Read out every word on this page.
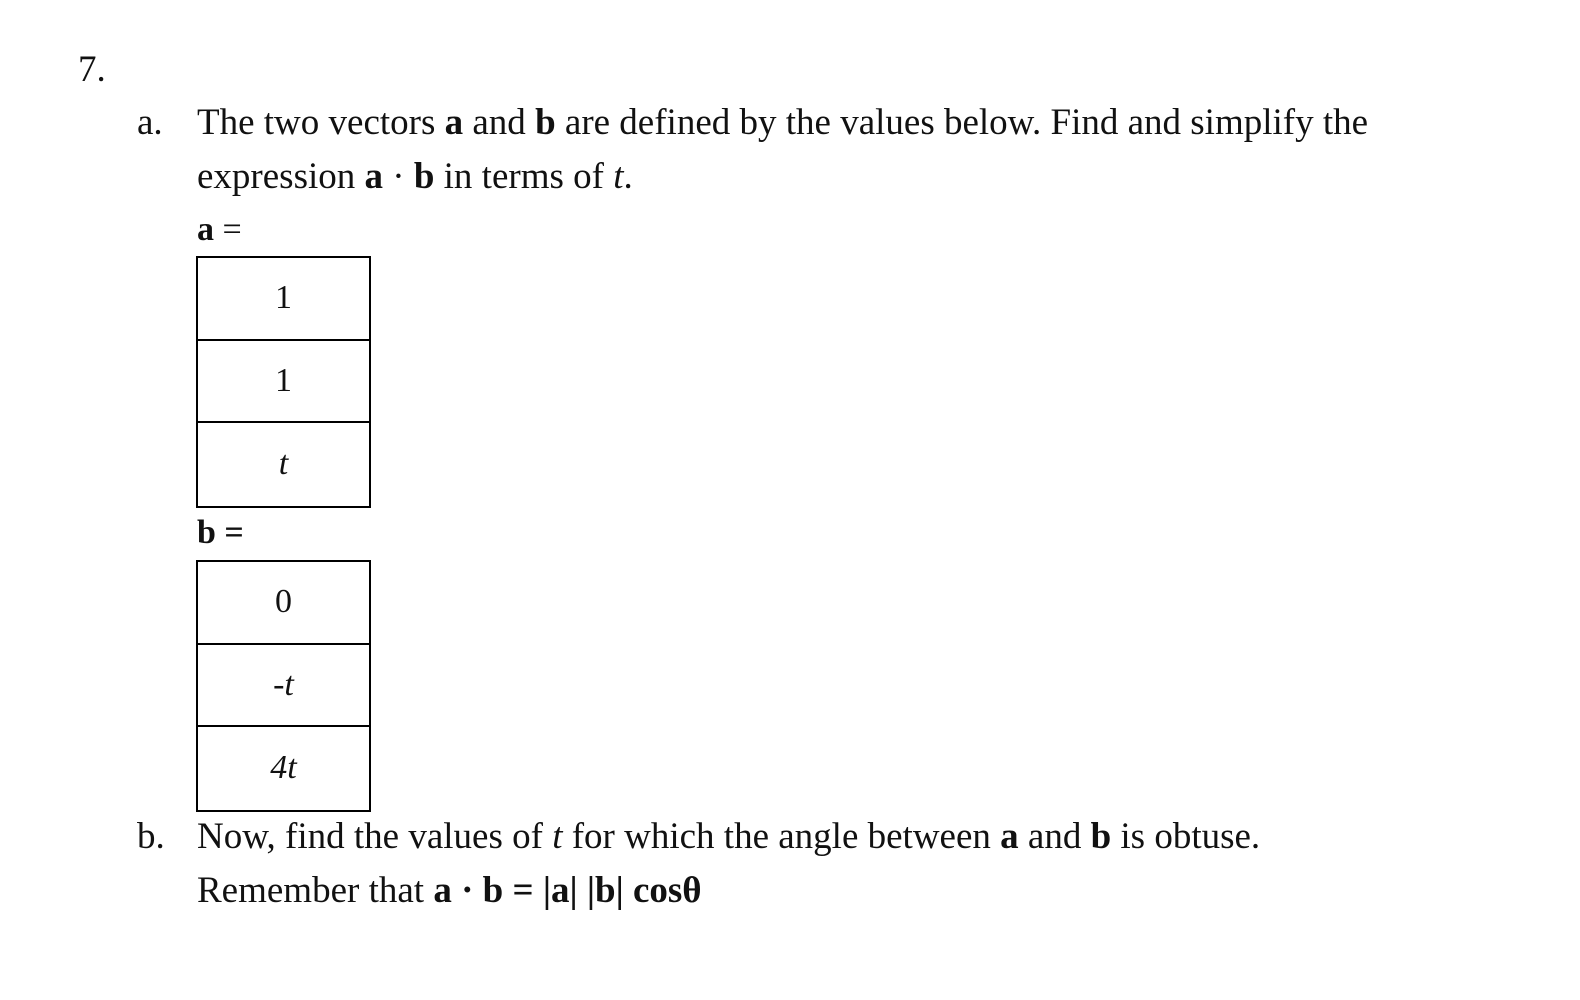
7.
a. The two vectors a and b are defined by the values below. Find and simplify the
expression a · b in terms of t.
a =
1
1
t
b =
0
-t
4t
b. Now, find the values of t for which the angle between a and b is obtuse.
Remember that a · b = |a| |b| cosθ
